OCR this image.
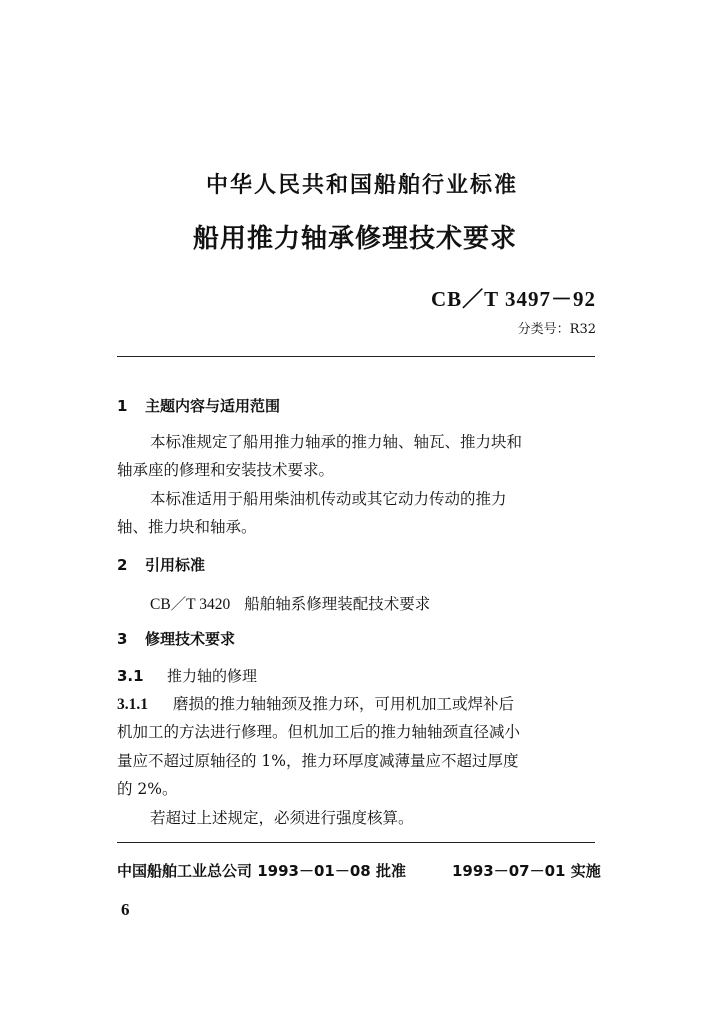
中华人民共和国船舶行业标准
船用推力轴承修理技术要求
CB／T 3497－92
分类号：R32
1 主题内容与适用范围
本标准规定了船用推力轴承的推力轴、轴瓦、推力块和
轴承座的修理和安装技术要求。
本标准适用于船用柴油机传动或其它动力传动的推力
轴、推力块和轴承。
2 引用标准
CB／T 3420 船舶轴系修理装配技术要求
3 修理技术要求
3.1 推力轴的修理
3.1.1 磨损的推力轴轴颈及推力环，可用机加工或焊补后
机加工的方法进行修理。但机加工后的推力轴轴颈直径减小
量应不超过原轴径的 1%，推力环厚度减薄量应不超过厚度
的 2%。
若超过上述规定，必须进行强度核算。
中国船舶工业总公司 1993－01－08 批准	1993－07－01 实施
6
